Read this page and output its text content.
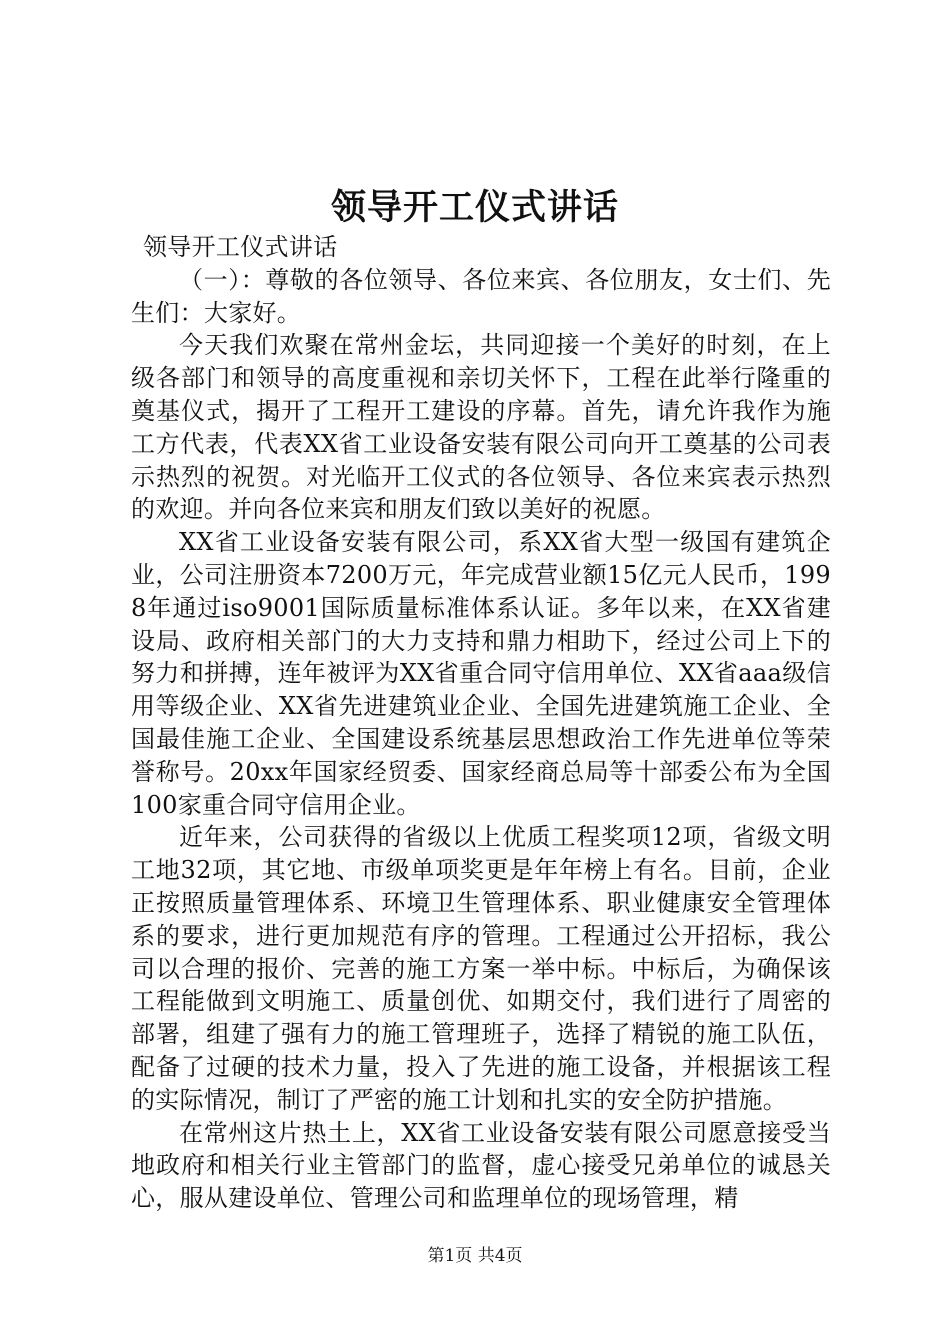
领导开工仪式讲话

领导开工仪式讲话

（一）：尊敬的各位领导、各位来宾、各位朋友，女士们、先生们：大家好。

今天我们欢聚在常州金坛，共同迎接一个美好的时刻，在上级各部门和领导的高度重视和亲切关怀下，工程在此举行隆重的奠基仪式，揭开了工程开工建设的序幕。首先，请允许我作为施工方代表，代表XX省工业设备安装有限公司向开工奠基的公司表示热烈的祝贺。对光临开工仪式的各位领导、各位来宾表示热烈的欢迎。并向各位来宾和朋友们致以美好的祝愿。

XX省工业设备安装有限公司，系XX省大型一级国有建筑企业，公司注册资本7200万元，年完成营业额15亿元人民币，1998年通过iso9001国际质量标准体系认证。多年以来，在XX省建设局、政府相关部门的大力支持和鼎力相助下，经过公司上下的努力和拼搏，连年被评为XX省重合同守信用单位、XX省aaa级信用等级企业、XX省先进建筑业企业、全国先进建筑施工企业、全国最佳施工企业、全国建设系统基层思想政治工作先进单位等荣誉称号。20xx年国家经贸委、国家经商总局等十部委公布为全国100家重合同守信用企业。

近年来，公司获得的省级以上优质工程奖项12项，省级文明工地32项，其它地、市级单项奖更是年年榜上有名。目前，企业正按照质量管理体系、环境卫生管理体系、职业健康安全管理体系的要求，进行更加规范有序的管理。工程通过公开招标，我公司以合理的报价、完善的施工方案一举中标。中标后，为确保该工程能做到文明施工、质量创优、如期交付，我们进行了周密的部署，组建了强有力的施工管理班子，选择了精锐的施工队伍，配备了过硬的技术力量，投入了先进的施工设备，并根据该工程的实际情况，制订了严密的施工计划和扎实的安全防护措施。

在常州这片热土上，XX省工业设备安装有限公司愿意接受当地政府和相关行业主管部门的监督，虚心接受兄弟单位的诚恳关心，服从建设单位、管理公司和监理单位的现场管理，精

第1页 共4页
